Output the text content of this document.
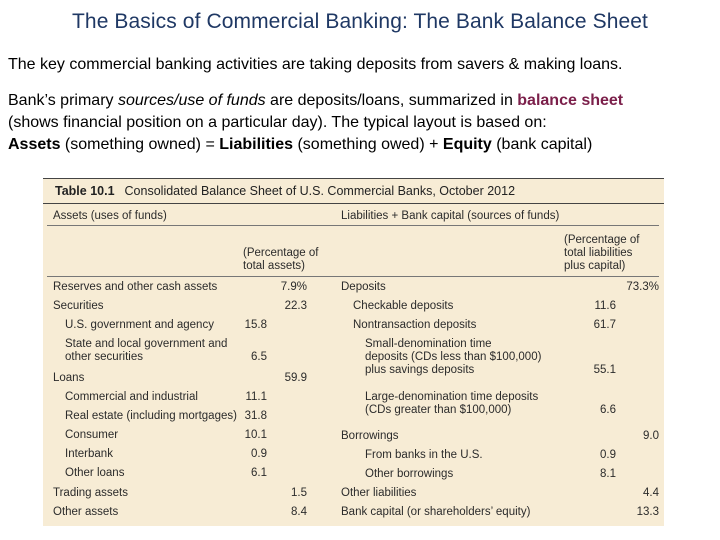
The Basics of Commercial Banking: The Bank Balance Sheet
The key commercial banking activities are taking deposits from savers & making loans.
Bank’s primary sources/use of funds are deposits/loans, summarized in balance sheet
(shows financial position on a particular day). The typical layout is based on:
Assets (something owned) = Liabilities (something owed) + Equity (bank capital)
Table 10.1 Consolidated Balance Sheet of U.S. Commercial Banks, October 2012
Assets (uses of funds)	Liabilities + Bank capital (sources of funds)
(Percentage of
total assets)
(Percentage of
total liabilities
plus capital)
Reserves and other cash assets	7.9%
Securities	22.3
U.S. government and agency	15.8
State and local government and
other securities	6.5
Loans	59.9
Commercial and industrial	11.1
Real estate (including mortgages) 31.8
Consumer	10.1
Interbank	0.9
Other loans	6.1
Trading assets	1.5
Other assets	8.4
Deposits	73.3%
Checkable deposits	11.6
Nontransaction deposits	61.7
Small-denomination time
deposits (CDs less than $100,000)
plus savings deposits	55.1
Large-denomination time deposits
(CDs greater than $100,000)	6.6
Borrowings	9.0
From banks in the U.S.	0.9
Other borrowings	8.1
Other liabilities	4.4
Bank capital (or shareholders’ equity)	13.3
